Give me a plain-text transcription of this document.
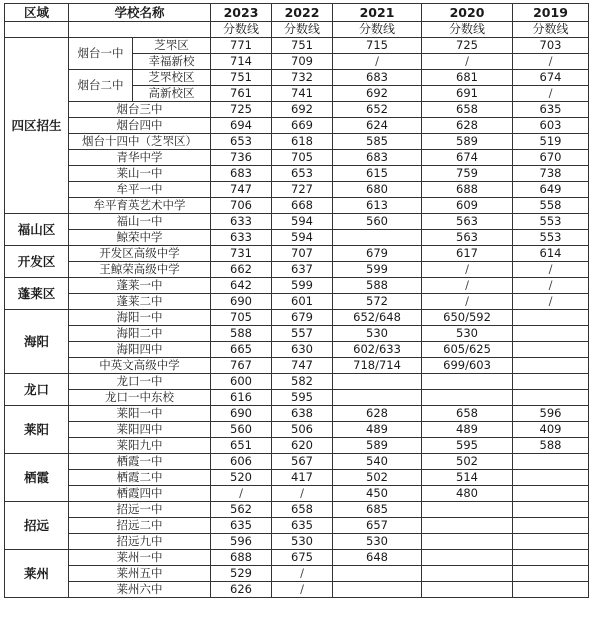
区域	学校名称		2023	2022	2021	2020	2019
			分数线	分数线	分数线	分数线	分数线
四区招生	烟台一中	芝罘区	771	751	715	725	703
		幸福新校	714	709	/	/	/
	烟台二中	芝罘校区	751	732	683	681	674
		高新校区	761	741	692	691	/
	烟台三中		725	692	652	658	635
	烟台四中		694	669	624	628	603
	烟台十四中（芝罘区）		653	618	585	589	519
	青华中学		736	705	683	674	670
	莱山一中		683	653	615	759	738
	牟平一中		747	727	680	688	649
	牟平育英艺术中学		706	668	613	609	558
福山区	福山一中		633	594	560	563	553
	鲸荣中学		633	594		563	553
开发区	开发区高级中学		731	707	679	617	614
	王鲸荣高级中学		662	637	599	/	/
蓬莱区	蓬莱一中		642	599	588	/	/
	蓬莱二中		690	601	572	/	/
海阳	海阳一中		705	679	652/648	650/592	
	海阳二中		588	557	530	530	
	海阳四中		665	630	602/633	605/625	
	中英文高级中学		767	747	718/714	699/603	
龙口	龙口一中		600	582			
	龙口一中东校		616	595			
莱阳	莱阳一中		690	638	628	658	596
	莱阳四中		560	506	489	489	409
	莱阳九中		651	620	589	595	588
栖霞	栖霞一中		606	567	540	502	
	栖霞二中		520	417	502	514	
	栖霞四中		/	/	450	480	
招远	招远一中		562	658	685		
	招远二中		635	635	657		
	招远九中		596	530	530		
莱州	莱州一中		688	675	648		
	莱州五中		529	/			
	莱州六中		626	/			
